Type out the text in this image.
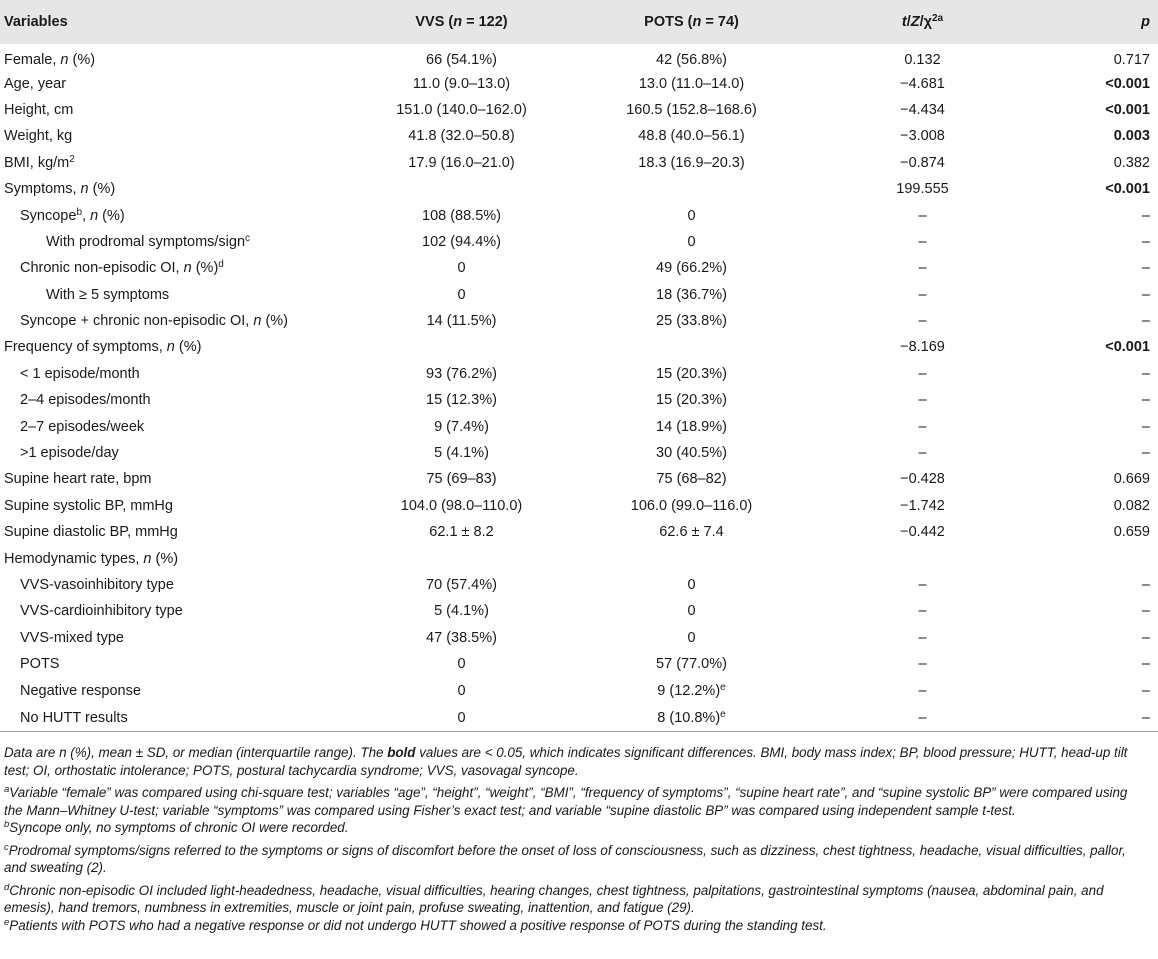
Variables	VVS (n = 122)	POTS (n = 74)	$t/Z/\chi^{2a}$	p
Female, n (%)	66 (54.1%)	42 (56.8%)	0.132	0.717
Age, year	11.0 (9.0–13.0)	13.0 (11.0–14.0)	−4.681	<0.001
Height, cm	151.0 (140.0–162.0)	160.5 (152.8–168.6)	−4.434	<0.001
Weight, kg	41.8 (32.0–50.8)	48.8 (40.0–56.1)	−3.008	0.003
BMI, $kg/m^2$	17.9 (16.0–21.0)	18.3 (16.9–20.3)	−0.874	0.382
Symptoms, n (%)			199.555	<0.001
Syncope$^b$, n (%)	108 (88.5%)	0	–	–
With prodromal symptoms/sign$^c$	102 (94.4%)	0	–	–
Chronic non-episodic OI, n (%)$^d$	0	49 (66.2%)	–	–
With ≥ 5 symptoms	0	18 (36.7%)	–	–
Syncope + chronic non-episodic OI, n (%)	14 (11.5%)	25 (33.8%)	–	–
Frequency of symptoms, n (%)			−8.169	<0.001
< 1 episode/month	93 (76.2%)	15 (20.3%)	–	–
2–4 episodes/month	15 (12.3%)	15 (20.3%)	–	–
2–7 episodes/week	9 (7.4%)	14 (18.9%)	–	–
>1 episode/day	5 (4.1%)	30 (40.5%)	–	–
Supine heart rate, bpm	75 (69–83)	75 (68–82)	−0.428	0.669
Supine systolic BP, mmHg	104.0 (98.0–110.0)	106.0 (99.0–116.0)	−1.742	0.082
Supine diastolic BP, mmHg	62.1 ± 8.2	62.6 ± 7.4	−0.442	0.659
Hemodynamic types, n (%)				
VVS-vasoinhibitory type	70 (57.4%)	0	–	–
VVS-cardioinhibitory type	5 (4.1%)	0	–	–
VVS-mixed type	47 (38.5%)	0	–	–
POTS	0	57 (77.0%)	–	–
Negative response	0	9 $(12.2\%)^e$	–	–
No HUTT results	0	8 $(10.8\%)^e$	–	–

Data are n (%), mean ± SD, or median (interquartile range). The bold values are < 0.05, which indicates significant differences. BMI, body mass index; BP, blood pressure; HUTT, head-up tilt test; OI, orthostatic intolerance; POTS, postural tachycardia syndrome; VVS, vasovagal syncope.

$^a$Variable “female” was compared using chi-square test; variables “age”, “height”, “weight”, “BMI”, “frequency of symptoms”, “supine heart rate”, and “supine systolic BP” were compared using the Mann–Whitney U-test; variable “symptoms” was compared using Fisher’s exact test; and variable “supine diastolic BP” was compared using independent sample t-test.

$^b$Syncope only, no symptoms of chronic OI were recorded.

$^c$Prodromal symptoms/signs referred to the symptoms or signs of discomfort before the onset of loss of consciousness, such as dizziness, chest tightness, headache, visual difficulties, pallor, and sweating (2).

$^d$Chronic non-episodic OI included light-headedness, headache, visual difficulties, hearing changes, chest tightness, palpitations, gastrointestinal symptoms (nausea, abdominal pain, and emesis), hand tremors, numbness in extremities, muscle or joint pain, profuse sweating, inattention, and fatigue (29).

$^e$Patients with POTS who had a negative response or did not undergo HUTT showed a positive response of POTS during the standing test.
